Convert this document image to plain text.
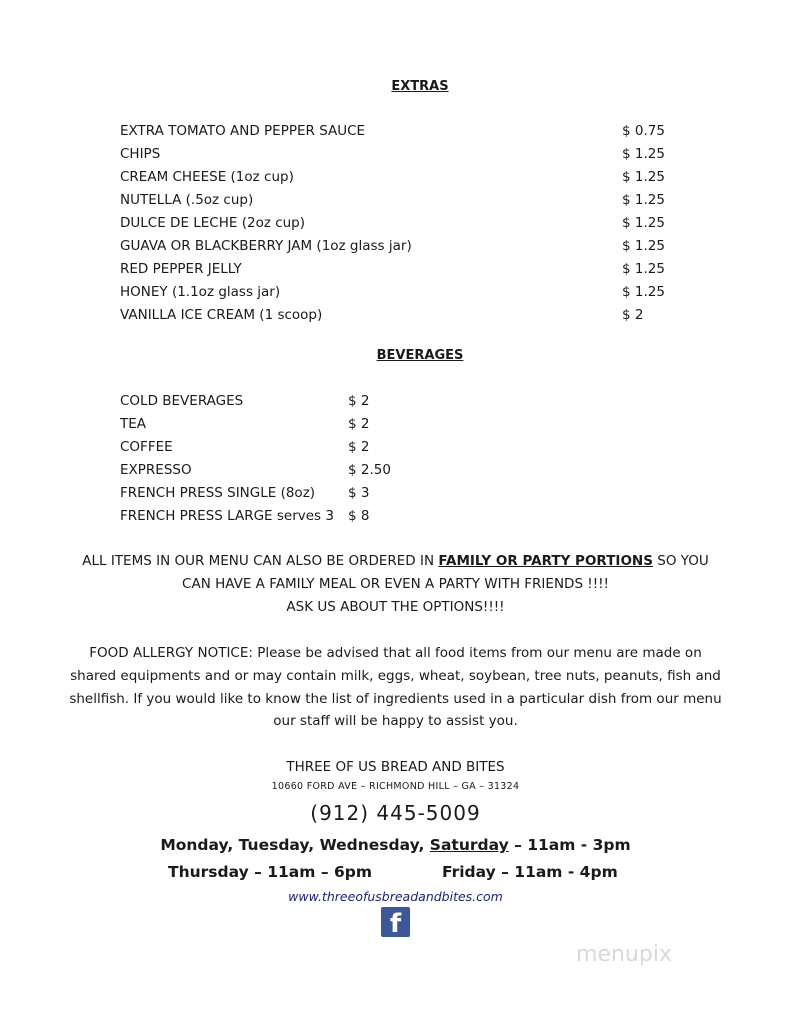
EXTRAS
EXTRA TOMATO AND PEPPER SAUCE	$ 0.75
CHIPS	$ 1.25
CREAM CHEESE (1oz cup)	$ 1.25
NUTELLA (.5oz cup)	$ 1.25
DULCE DE LECHE (2oz cup)	$ 1.25
GUAVA OR BLACKBERRY JAM (1oz glass jar)	$ 1.25
RED PEPPER JELLY	$ 1.25
HONEY (1.1oz glass jar)	$ 1.25
VANILLA ICE CREAM (1 scoop)	$ 2
BEVERAGES
COLD BEVERAGES	$ 2
TEA	$ 2
COFFEE	$ 2
EXPRESSO	$ 2.50
FRENCH PRESS SINGLE (8oz) $ 3
FRENCH PRESS LARGE serves 3 $ 8
ALL ITEMS IN OUR MENU CAN ALSO BE ORDERED IN FAMILY OR PARTY PORTIONS SO YOU
CAN HAVE A FAMILY MEAL OR EVEN A PARTY WITH FRIENDS !!!!
ASK US ABOUT THE OPTIONS!!!!
FOOD ALLERGY NOTICE: Please be advised that all food items from our menu are made on
shared equipments and or may contain milk, eggs, wheat, soybean, tree nuts, peanuts, fish and
shellfish. If you would like to know the list of ingredients used in a particular dish from our menu
our staff will be happy to assist you.
THREE OF US BREAD AND BITES
10660 FORD AVE – RICHMOND HILL – GA – 31324
(912) 445-5009
Monday, Tuesday, Wednesday, Saturday – 11am - 3pm
Thursday – 11am – 6pm	Friday – 11am - 4pm
www.threeofusbreadandbites.com
f
menupix
